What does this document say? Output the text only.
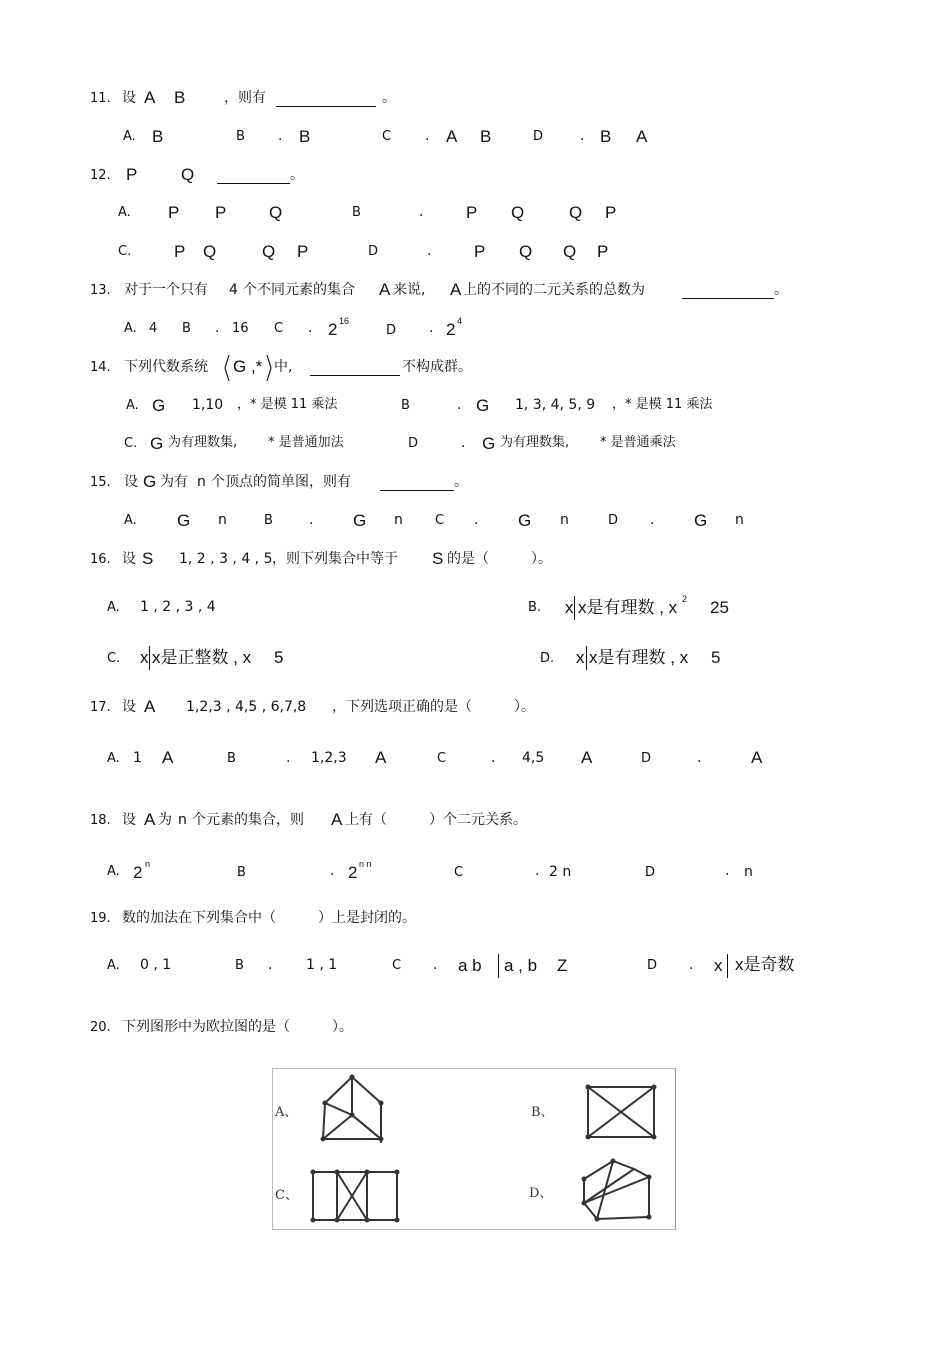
11. 设 A B	，则有	。
A. B	B . B	C . A B	D	. B A
12. P	Q	。
A. P P	Q	B	.	P Q	Q P
C.	P Q	Q P	D	.	P Q Q P
13. 对于一个只有 4 个不同元素的集合 A 来说, A 上的不同的二元关系的总数为	。
A. 4 B . 16 C . 2 16
D . 2 4
14. 下列代数系统 G ,* 中,	不构成群。
A. G 1,10 ，* 是模 11 乘法	B	. G 1, 3, 4, 5, 9 ，* 是模 11 乘法
C. G 为有理数集, * 是普通加法	D	. G 为有理数集, * 是普通乘法
15. 设 G 为有 n 个顶点的简单图，则有	。
A. G n	B	. G n C . G n	D . G n
16. 设 S 1, 2 , 3 , 4 , 5 ，则下列集合中等于 S 的是（　　　）。
A. 1 , 2 , 3 , 4	B. x x是有理数 , x 2 25
C. x x是正整数 , x 5	D. x x是有理数 , x 5
17. 设 A 1,2,3 , 4,5 , 6,7,8 ，下列选项正确的是（　　　）。
A. 1 A	B	. 1,2,3 A	C	. 4,5 A	D	.	A
18. 设 A 为 n 个元素的集合，则 A 上有（　　　）个二元关系。
A. 2 n
B	. 2 n n
C	. 2 n	D	. n
19. 数的加法在下列集合中（　　　）上是封闭的。
A. 0 , 1	B . 1 , 1	C . a b a , b Z	D . x x是奇数
20. 下列图形中为欧拉图的是（　　　）。
A、	B、
C、	D、
